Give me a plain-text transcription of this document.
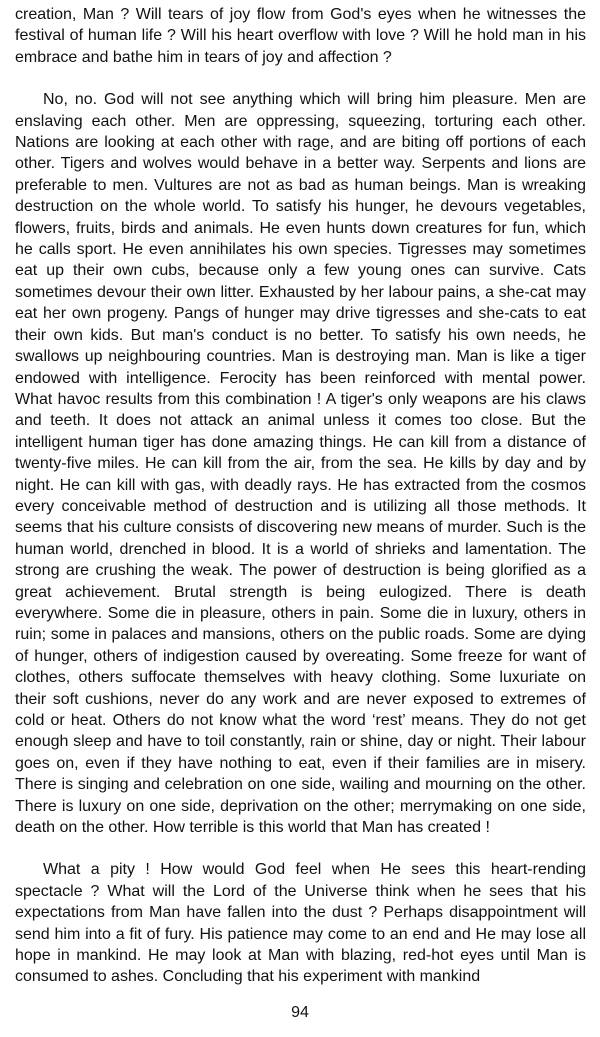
creation, Man ? Will tears of joy flow from God's eyes when he witnesses the festival of human life ? Will his heart overflow with love ? Will he hold man in his embrace and bathe him in tears of joy and affection ?

No, no. God will not see anything which will bring him pleasure. Men are enslaving each other. Men are oppressing, squeezing, torturing each other. Nations are looking at each other with rage, and are biting off portions of each other. Tigers and wolves would behave in a better way. Serpents and lions are preferable to men. Vultures are not as bad as human beings. Man is wreaking destruction on the whole world. To satisfy his hunger, he devours vegetables, flowers, fruits, birds and animals. He even hunts down creatures for fun, which he calls sport. He even annihilates his own species. Tigresses may sometimes eat up their own cubs, because only a few young ones can survive. Cats sometimes devour their own litter. Exhausted by her labour pains, a she-cat may eat her own progeny. Pangs of hunger may drive tigresses and she-cats to eat their own kids. But man's conduct is no better. To satisfy his own needs, he swallows up neighbouring countries. Man is destroying man. Man is like a tiger endowed with intelligence. Ferocity has been reinforced with mental power. What havoc results from this combination ! A tiger's only weapons are his claws and teeth. It does not attack an animal unless it comes too close. But the intelligent human tiger has done amazing things. He can kill from a distance of twenty-five miles. He can kill from the air, from the sea. He kills by day and by night. He can kill with gas, with deadly rays. He has extracted from the cosmos every conceivable method of destruction and is utilizing all those methods. It seems that his culture consists of discovering new means of murder. Such is the human world, drenched in blood. It is a world of shrieks and lamentation. The strong are crushing the weak. The power of destruction is being glorified as a great achievement. Brutal strength is being eulogized. There is death everywhere. Some die in pleasure, others in pain. Some die in luxury, others in ruin; some in palaces and mansions, others on the public roads. Some are dying of hunger, others of indigestion caused by overeating. Some freeze for want of clothes, others suffocate themselves with heavy clothing. Some luxuriate on their soft cushions, never do any work and are never exposed to extremes of cold or heat. Others do not know what the word ‘rest’ means. They do not get enough sleep and have to toil constantly, rain or shine, day or night. Their labour goes on, even if they have nothing to eat, even if their families are in misery. There is singing and celebration on one side, wailing and mourning on the other. There is luxury on one side, deprivation on the other; merrymaking on one side, death on the other. How terrible is this world that Man has created !

What a pity ! How would God feel when He sees this heart-rending spectacle ? What will the Lord of the Universe think when he sees that his expectations from Man have fallen into the dust ? Perhaps disappointment will send him into a fit of fury. His patience may come to an end and He may lose all hope in mankind. He may look at Man with blazing, red-hot eyes until Man is consumed to ashes. Concluding that his experiment with mankind

94
